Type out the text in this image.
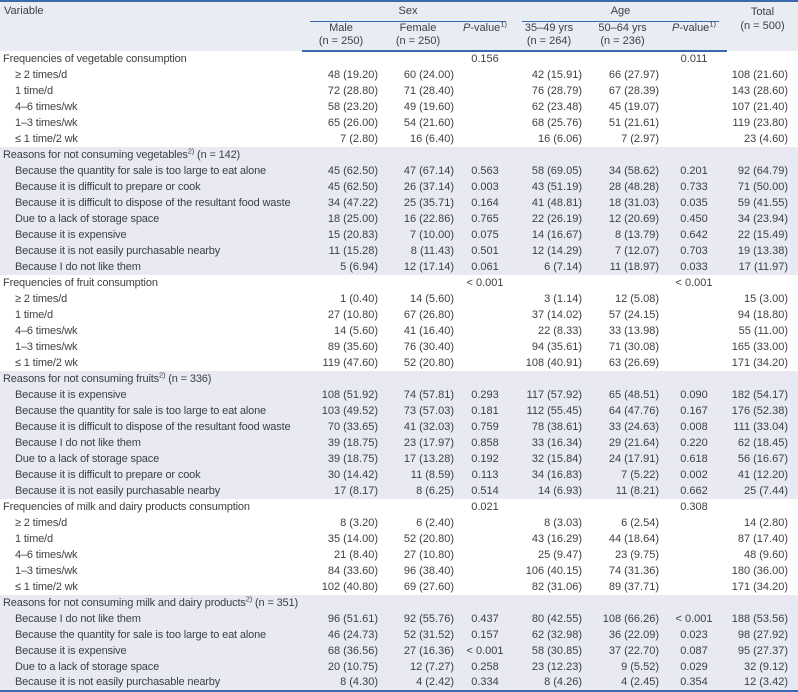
Variable	Sex			Age			Total
(n = 500)

	Male	Female	P-value$^{1)}$	35–49 yrs	50–64 yrs	P-value$^{1)}$
	(n = 250)	(n = 250)		(n = 264)	(n = 236)		
Frequencies of vegetable consumption			0.156			0.011	
≥ 2 times/d	48 (19.20)	60 (24.00)		42 (15.91)	66 (27.97)		108 (21.60)
1 time/d	72 (28.80)	71 (28.40)		76 (28.79)	67 (28.39)		143 (28.60)
4–6 times/wk	58 (23.20)	49 (19.60)		62 (23.48)	45 (19.07)		107 (21.40)
1–3 times/wk	65 (26.00)	54 (21.60)		68 (25.76)	51 (21.61)		119 (23.80)
≤ 1 time/2 wk	7 (2.80)	16 (6.40)		16 (6.06)	7 (2.97)		23 (4.60)
Reasons for not consuming vegetables$^{2)}$ (n = 142)							
Because the quantity for sale is too large to eat alone	45 (62.50)	47 (67.14)	0.563	58 (69.05)	34 (58.62)	0.201	92 (64.79)
Because it is difficult to prepare or cook	45 (62.50)	26 (37.14)	0.003	43 (51.19)	28 (48.28)	0.733	71 (50.00)
Because it is difficult to dispose of the resultant food waste	34 (47.22)	25 (35.71)	0.164	41 (48.81)	18 (31.03)	0.035	59 (41.55)
Due to a lack of storage space	18 (25.00)	16 (22.86)	0.765	22 (26.19)	12 (20.69)	0.450	34 (23.94)
Because it is expensive	15 (20.83)	7 (10.00)	0.075	14 (16.67)	8 (13.79)	0.642	22 (15.49)
Because it is not easily purchasable nearby	11 (15.28)	8 (11.43)	0.501	12 (14.29)	7 (12.07)	0.703	19 (13.38)
Because I do not like them	5 (6.94)	12 (17.14)	0.061	6 (7.14)	11 (18.97)	0.033	17 (11.97)
Frequencies of fruit consumption			< 0.001			< 0.001	
≥ 2 times/d	1 (0.40)	14 (5.60)		3 (1.14)	12 (5.08)		15 (3.00)
1 time/d	27 (10.80)	67 (26.80)		37 (14.02)	57 (24.15)		94 (18.80)
4–6 times/wk	14 (5.60)	41 (16.40)		22 (8.33)	33 (13.98)		55 (11.00)
1–3 times/wk	89 (35.60)	76 (30.40)		94 (35.61)	71 (30.08)		165 (33.00)
≤ 1 time/2 wk	119 (47.60)	52 (20.80)		108 (40.91)	63 (26.69)		171 (34.20)
Reasons for not consuming fruits$^{2)}$ (n = 336)							
Because it is expensive	108 (51.92)	74 (57.81)	0.293	117 (57.92)	65 (48.51)	0.090	182 (54.17)
Because the quantity for sale is too large to eat alone	103 (49.52)	73 (57.03)	0.181	112 (55.45)	64 (47.76)	0.167	176 (52.38)
Because it is difficult to dispose of the resultant food waste	70 (33.65)	41 (32.03)	0.759	78 (38.61)	33 (24.63)	0.008	111 (33.04)
Because I do not like them	39 (18.75)	23 (17.97)	0.858	33 (16.34)	29 (21.64)	0.220	62 (18.45)
Due to a lack of storage space	39 (18.75)	17 (13.28)	0.192	32 (15.84)	24 (17.91)	0.618	56 (16.67)
Because it is difficult to prepare or cook	30 (14.42)	11 (8.59)	0.113	34 (16.83)	7 (5.22)	0.002	41 (12.20)
Because it is not easily purchasable nearby	17 (8.17)	8 (6.25)	0.514	14 (6.93)	11 (8.21)	0.662	25 (7.44)
Frequencies of milk and dairy products consumption			0.021			0.308	
≥ 2 times/d	8 (3.20)	6 (2.40)		8 (3.03)	6 (2.54)		14 (2.80)
1 time/d	35 (14.00)	52 (20.80)		43 (16.29)	44 (18.64)		87 (17.40)
4–6 times/wk	21 (8.40)	27 (10.80)		25 (9.47)	23 (9.75)		48 (9.60)
1–3 times/wk	84 (33.60)	96 (38.40)		106 (40.15)	74 (31.36)		180 (36.00)
≤ 1 time/2 wk	102 (40.80)	69 (27.60)		82 (31.06)	89 (37.71)		171 (34.20)
Reasons for not consuming milk and dairy products$^{2)}$ (n = 351)							
Because I do not like them	96 (51.61)	92 (55.76)	0.437	80 (42.55)	108 (66.26)	< 0.001	188 (53.56)
Because the quantity for sale is too large to eat alone	46 (24.73)	52 (31.52)	0.157	62 (32.98)	36 (22.09)	0.023	98 (27.92)
Because it is expensive	68 (36.56)	27 (16.36)	< 0.001	58 (30.85)	37 (22.70)	0.087	95 (27.37)
Due to a lack of storage space	20 (10.75)	12 (7.27)	0.258	23 (12.23)	9 (5.52)	0.029	32 (9.12)
Because it is not easily purchasable nearby	8 (4.30)	4 (2.42)	0.334	8 (4.26)	4 (2.45)	0.354	12 (3.42)
